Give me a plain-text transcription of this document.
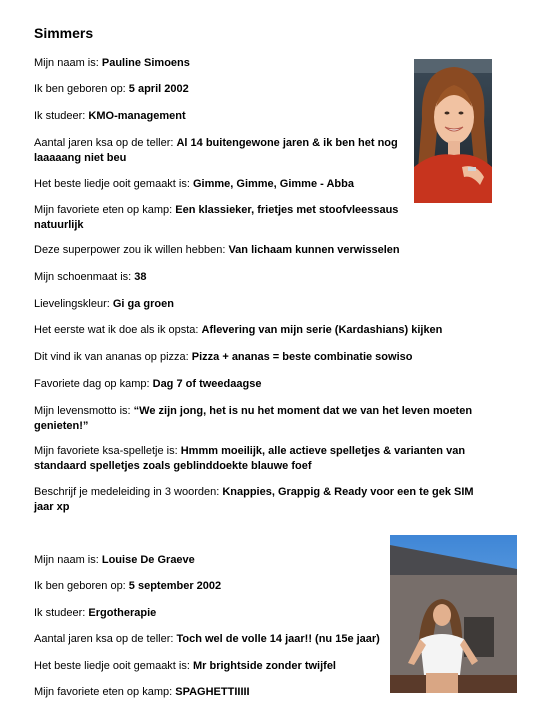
Simmers
Mijn naam is: Pauline Simoens
Ik ben geboren op: 5 april 2002
Ik studeer: KMO-management
Aantal jaren ksa op de teller: Al 14 buitengewone jaren & ik ben het nog laaaaang niet beu
Het beste liedje ooit gemaakt is: Gimme, Gimme, Gimme - Abba
Mijn favoriete eten op kamp: Een klassieker, frietjes met stoofvleessaus natuurlijk
Deze superpower zou ik willen hebben: Van lichaam kunnen verwisselen
Mijn schoenmaat is: 38
Lievelingskleur: Gi ga groen
Het eerste wat ik doe als ik opsta: Aflevering van mijn serie (Kardashians) kijken
Dit vind ik van ananas op pizza: Pizza + ananas = beste combinatie sowiso
Favoriete dag op kamp: Dag 7 of tweedaagse
Mijn levensmotto is: “We zijn jong, het is nu het moment dat we van het leven moeten genieten!”
Mijn favoriete ksa-spelletje is: Hmmm moeilijk, alle actieve spelletjes & varianten van standaard spelletjes zoals geblinddoekte blauwe foef
Beschrijf je medeleiding in 3 woorden: Knappies, Grappig & Ready voor een te gek SIM jaar xp
Mijn naam is: Louise De Graeve
Ik ben geboren op: 5 september 2002
Ik studeer: Ergotherapie
Aantal jaren ksa op de teller: Toch wel de volle 14 jaar!! (nu 15e jaar)
Het beste liedje ooit gemaakt is: Mr brightside zonder twijfel
Mijn favoriete eten op kamp: SPAGHETTIIIII
